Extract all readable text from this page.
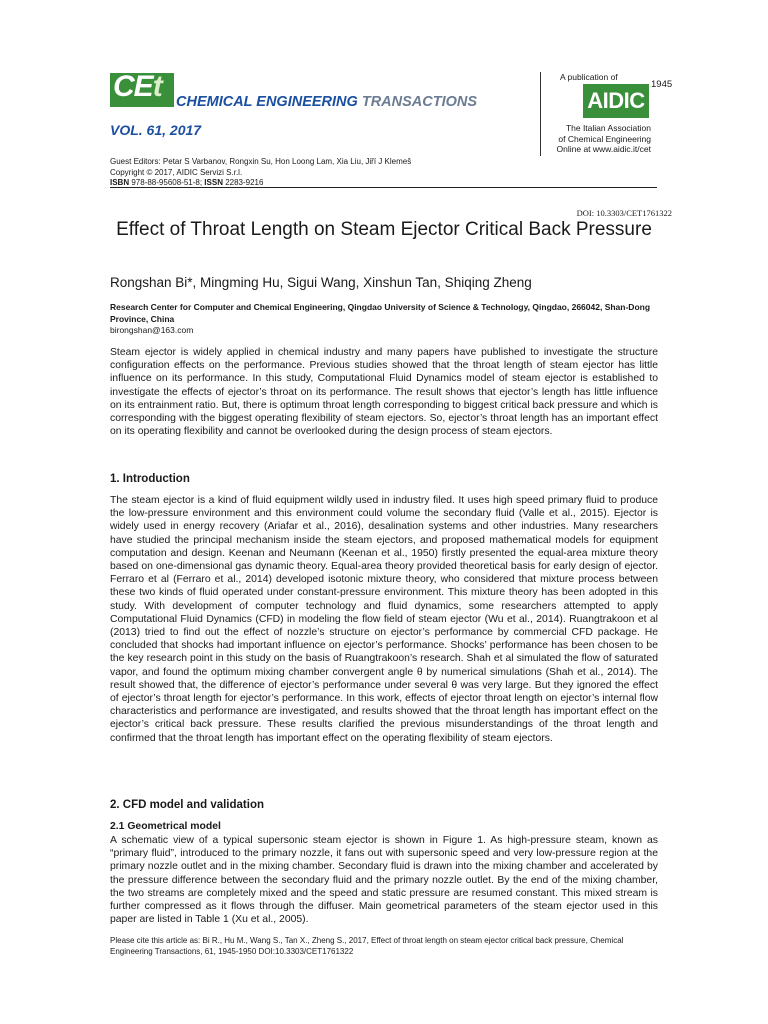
CEt CHEMICAL ENGINEERING TRANSACTIONS
VOL. 61, 2017
A publication of
1945
AIDIC
The Italian Association
of Chemical Engineering
Online at www.aidic.it/cet
Guest Editors: Petar S Varbanov, Rongxin Su, Hon Loong Lam, Xia Liu, Jiří J Klemeš
Copyright © 2017, AIDIC Servizi S.r.l.
ISBN 978-88-95608-51-8; ISSN 2283-9216
DOI: 10.3303/CET1761322
Effect of Throat Length on Steam Ejector Critical Back Pressure
Rongshan Bi*, Mingming Hu, Sigui Wang, Xinshun Tan, Shiqing Zheng
Research Center for Computer and Chemical Engineering, Qingdao University of Science & Technology, Qingdao, 266042, Shan-Dong Province, China
birongshan@163.com
Steam ejector is widely applied in chemical industry and many papers have published to investigate the structure configuration effects on the performance. Previous studies showed that the throat length of steam ejector has little influence on its performance. In this study, Computational Fluid Dynamics model of steam ejector is established to investigate the effects of ejector’s throat on its performance. The result shows that ejector’s length has little influence on its entrainment ratio. But, there is optimum throat length corresponding to biggest critical back pressure and which is corresponding with the biggest operating flexibility of steam ejectors. So, ejector’s throat length has an important effect on its operating flexibility and cannot be overlooked during the design process of steam ejectors.
1. Introduction
The steam ejector is a kind of fluid equipment wildly used in industry filed. It uses high speed primary fluid to produce the low-pressure environment and this environment could volume the secondary fluid (Valle et al., 2015). Ejector is widely used in energy recovery (Ariafar et al., 2016), desalination systems and other industries. Many researchers have studied the principal mechanism inside the steam ejectors, and proposed mathematical models for equipment computation and design. Keenan and Neumann (Keenan et al., 1950) firstly presented the equal-area mixture theory based on one-dimensional gas dynamic theory. Equal-area theory provided theoretical basis for early design of ejector. Ferraro et al (Ferraro et al., 2014) developed isotonic mixture theory, who considered that mixture process between these two kinds of fluid operated under constant-pressure environment. This mixture theory has been adopted in this study. With development of computer technology and fluid dynamics, some researchers attempted to apply Computational Fluid Dynamics (CFD) in modeling the flow field of steam ejector (Wu et al., 2014). Ruangtrakoon et al (2013) tried to find out the effect of nozzle’s structure on ejector’s performance by commercial CFD package. He concluded that shocks had important influence on ejector’s performance. Shocks’ performance has been chosen to be the key research point in this study on the basis of Ruangtrakoon’s research. Shah et al simulated the flow of saturated vapor, and found the optimum mixing chamber convergent angle θ by numerical simulations (Shah et al., 2014). The result showed that, the difference of ejector’s performance under several θ was very large. But they ignored the effect of ejector’s throat length for ejector’s performance. In this work, effects of ejector throat length on ejector’s internal flow characteristics and performance are investigated, and results showed that the throat length has important effect on the ejector’s critical back pressure. These results clarified the previous misunderstandings of the throat length and confirmed that the throat length has important effect on the operating flexibility of steam ejectors.
2. CFD model and validation
2.1 Geometrical model
A schematic view of a typical supersonic steam ejector is shown in Figure 1. As high-pressure steam, known as “primary fluid”, introduced to the primary nozzle, it fans out with supersonic speed and very low-pressure region at the primary nozzle outlet and in the mixing chamber. Secondary fluid is drawn into the mixing chamber and accelerated by the pressure difference between the secondary fluid and the primary nozzle outlet. By the end of the mixing chamber, the two streams are completely mixed and the speed and static pressure are resumed constant. This mixed stream is further compressed as it flows through the diffuser. Main geometrical parameters of the steam ejector used in this paper are listed in Table 1 (Xu et al., 2005).
Please cite this article as: Bi R., Hu M., Wang S., Tan X., Zheng S., 2017, Effect of throat length on steam ejector critical back pressure, Chemical Engineering Transactions, 61, 1945-1950 DOI:10.3303/CET1761322
